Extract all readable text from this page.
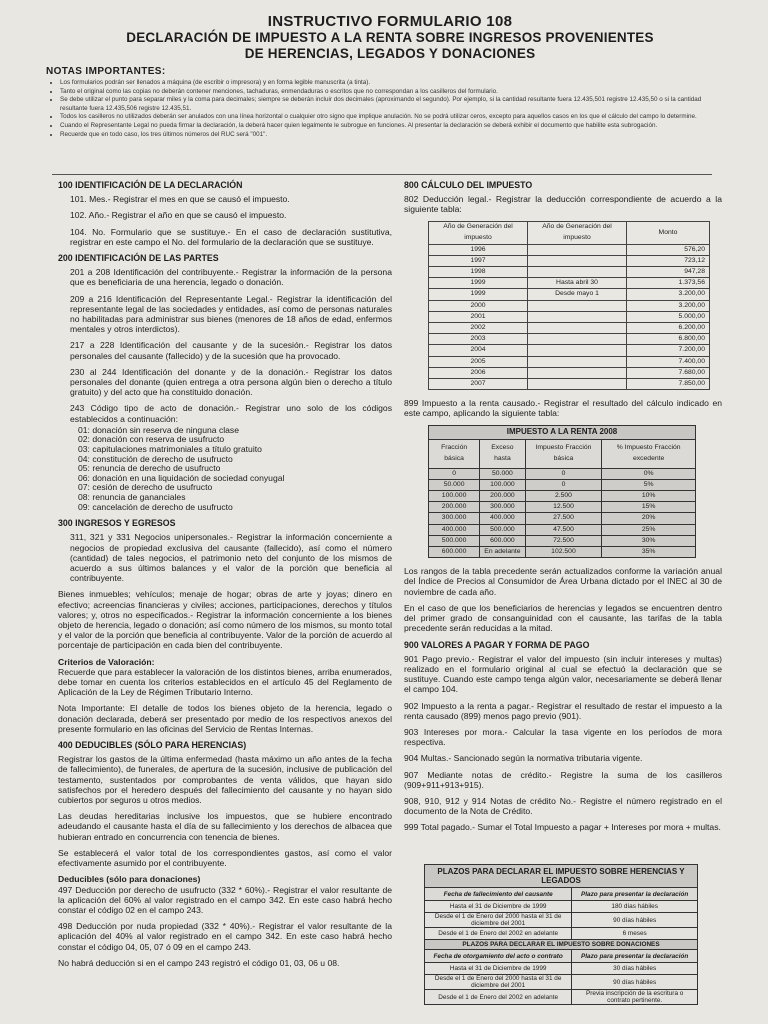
INSTRUCTIVO FORMULARIO 108
DECLARACIÓN DE IMPUESTO A LA RENTA SOBRE INGRESOS PROVENIENTES
DE HERENCIAS, LEGADOS Y DONACIONES
NOTAS IMPORTANTES:
• Los formularios podrán ser llenados a máquina (de escribir o impresora) y en forma legible manuscrita (a tinta).
• Tanto el original como las copias no deberán contener menciones, tachaduras, enmendaduras o escritos que no correspondan a los casilleros del formulario.
• Se debe utilizar el punto para separar miles y la coma para decimales; siempre se deberán incluir dos decimales (aproximando el segundo). Por ejemplo, si la cantidad resultante fuera 12.435,501 registre 12.435,50 o si la cantidad resultante fuera 12.435,506 registre 12.435,51.
• Todos los casilleros no utilizados deberán ser anulados con una línea horizontal o cualquier otro signo que implique anulación. No se podrá utilizar ceros, excepto para aquellos casos en los que el cálculo del campo lo determine.
• Cuando el Representante Legal no pueda firmar la declaración, la deberá hacer quien legalmente le subrogue en funciones. Al presentar la declaración se deberá exhibir el documento que habilite esta subrogación.
• Recuerde que en todo caso, los tres últimos números del RUC será "001".
100 IDENTIFICACIÓN DE LA DECLARACIÓN
101. Mes.- Registrar el mes en que se causó el impuesto.
102. Año.- Registrar el año en que se causó el impuesto.
104. No. Formulario que se sustituye.- En el caso de declaración sustitutiva, registrar en este campo el No. del formulario de la declaración que se sustituye.
200 IDENTIFICACIÓN DE LAS PARTES
201 a 208 Identificación del contribuyente.- Registrar la información de la persona que es beneficiaria de una herencia, legado o donación.
209 a 216 Identificación del Representante Legal.- Registrar la identificación del representante legal de las sociedades y entidades, así como de personas naturales no habilitadas para administrar sus bienes (menores de 18 años de edad, enfermos mentales y otros interdictos).
217 a 228 Identificación del causante y de la sucesión.- Registrar los datos personales del causante (fallecido) y de la sucesión que ha provocado.
230 al 244 Identificación del donante y de la donación.- Registrar los datos personales del donante (quien entrega a otra persona algún bien o derecho a título gratuito) y del acto que ha constituido donación.
243 Código tipo de acto de donación.- Registrar uno solo de los códigos establecidos a continuación:
01: donación sin reserva de ninguna clase
02: donación con reserva de usufructo
03: capitulaciones matrimoniales a título gratuito
04: constitución de derecho de usufructo
05: renuncia de derecho de usufructo
06: donación en una liquidación de sociedad conyugal
07: cesión de derecho de usufructo
08: renuncia de gananciales
09: cancelación de derecho de usufructo
300 INGRESOS Y EGRESOS
311, 321 y 331 Negocios unipersonales.- Registrar la información concerniente a negocios de propiedad exclusiva del causante (fallecido), así como el número (cantidad) de tales negocios, el patrimonio neto del conjunto de los mismos de acuerdo a sus últimos balances y el valor de la porción que beneficia al contribuyente.
Bienes inmuebles; vehículos; menaje de hogar; obras de arte y joyas; dinero en efectivo; acreencias financieras y civiles; acciones, participaciones, derechos y títulos valores; y, otros no especificados.- Registrar la información concerniente a los bienes objeto de herencia, legado o donación; así como número de los mismos, su monto total y el valor de la porción que beneficia al contribuyente. Valor de la porción de acuerdo al porcentaje de participación en cada bien del contribuyente.
Criterios de Valoración:
Recuerde que para establecer la valoración de los distintos bienes, arriba enumerados, debe tomar en cuenta los criterios establecidos en el artículo 45 del Reglamento de Aplicación de la Ley de Régimen Tributario Interno.
Nota Importante: El detalle de todos los bienes objeto de la herencia, legado o donación declarada, deberá ser presentado por medio de los respectivos anexos del presente formulario en las oficinas del Servicio de Rentas Internas.
400 DEDUCIBLES (SÓLO PARA HERENCIAS)
Registrar los gastos de la última enfermedad (hasta máximo un año antes de la fecha de fallecimiento), de funerales, de apertura de la sucesión, inclusive de publicación del testamento, sustentados por comprobantes de venta válidos, que hayan sido satisfechos por el heredero después del fallecimiento del causante y no hayan sido cubiertos por seguros u otros medios.
Las deudas hereditarias inclusive los impuestos, que se hubiere encontrado adeudando el causante hasta el día de su fallecimiento y los derechos de albacea que hubieran entrado en concurrencia con tenencia de bienes.
Se establecerá el valor total de los correspondientes gastos, así como el valor efectivamente asumido por el contribuyente.
Deducibles (sólo para donaciones)
497 Deducción por derecho de usufructo (332 * 60%).- Registrar el valor resultante de la aplicación del 60% al valor registrado en el campo 342. En este caso habrá hecho constar el código 02 en el campo 243.
498 Deducción por nuda propiedad (332 * 40%).- Registrar el valor resultante de la aplicación del 40% al valor registrado en el campo 342. En este caso habrá hecho constar el código 04, 05, 07 ó 09 en el campo 243.
No habrá deducción si en el campo 243 registró el código 01, 03, 06 u 08.
800 CÁLCULO DEL IMPUESTO
802 Deducción legal.- Registrar la deducción correspondiente de acuerdo a la siguiente tabla:
Año de Generación del impuesto	Año de Generación del impuesto	Monto
1996		576,20
1997		723,12
1998		947,28
1999	Hasta abril 30	1.373,56
1999	Desde mayo 1	3.200,00
2000		3.200,00
2001		5.000,00
2002		6.200,00
2003		6.800,00
2004		7.200,00
2005		7.400,00
2006		7.680,00
2007		7.850,00
899 Impuesto a la renta causado.- Registrar el resultado del cálculo indicado en este campo, aplicando la siguiente tabla:
IMPUESTO A LA RENTA 2008			
Fracción básica	Exceso hasta	Impuesto Fracción básica	% Impuesto Fracción excedente
0	50.000	0	0%
50.000	100.000	0	5%
100.000	200.000	2.500	10%
200.000	300.000	12.500	15%
300.000	400.000	27.500	20%
400.000	500.000	47.500	25%
500.000	600.000	72.500	30%
600.000	En adelante	102.500	35%
Los rangos de la tabla precedente serán actualizados conforme la variación anual del Índice de Precios al Consumidor de Área Urbana dictado por el INEC al 30 de noviembre de cada año.
En el caso de que los beneficiarios de herencias y legados se encuentren dentro del primer grado de consanguinidad con el causante, las tarifas de la tabla precedente serán reducidas a la mitad.
900 VALORES A PAGAR Y FORMA DE PAGO
901 Pago previo.- Registrar el valor del impuesto (sin incluir intereses y multas) realizado en el formulario original al cual se efectuó la declaración que se sustituye. Cuando este campo tenga algún valor, necesariamente se deberá llenar el campo 104.
902 Impuesto a la renta a pagar.- Registrar el resultado de restar el impuesto a la renta causado (899) menos pago previo (901).
903 Intereses por mora.- Calcular la tasa vigente en los períodos de mora respectiva.
904 Multas.- Sancionado según la normativa tributaria vigente.
907 Mediante notas de crédito.- Registre la suma de los casilleros (909+911+913+915).
908, 910, 912 y 914 Notas de crédito No.- Registre el número registrado en el documento de la Nota de Crédito.
999 Total pagado.- Sumar el Total Impuesto a pagar + Intereses por mora + multas.
PLAZOS PARA DECLARAR EL IMPUESTO SOBRE HERENCIAS Y LEGADOS	
Fecha de fallecimiento del causante	Plazo para presentar la declaración
Hasta el 31 de Diciembre de 1999	180 días hábiles
Desde el 1 de Enero del 2000 hasta el 31 de diciembre del 2001	90 días hábiles
Desde el 1 de Enero del 2002 en adelante	6 meses
PLAZOS PARA DECLARAR EL IMPUESTO SOBRE DONACIONES	
Fecha de otorgamiento del acto o contrato	Plazo para presentar la declaración
Hasta el 31 de Diciembre de 1999	30 días hábiles
Desde el 1 de Enero del 2000 hasta el 31 de diciembre del 2001	90 días hábiles
Desde el 1 de Enero del 2002 en adelante	Previa inscripción de la escritura o contrato pertinente.
